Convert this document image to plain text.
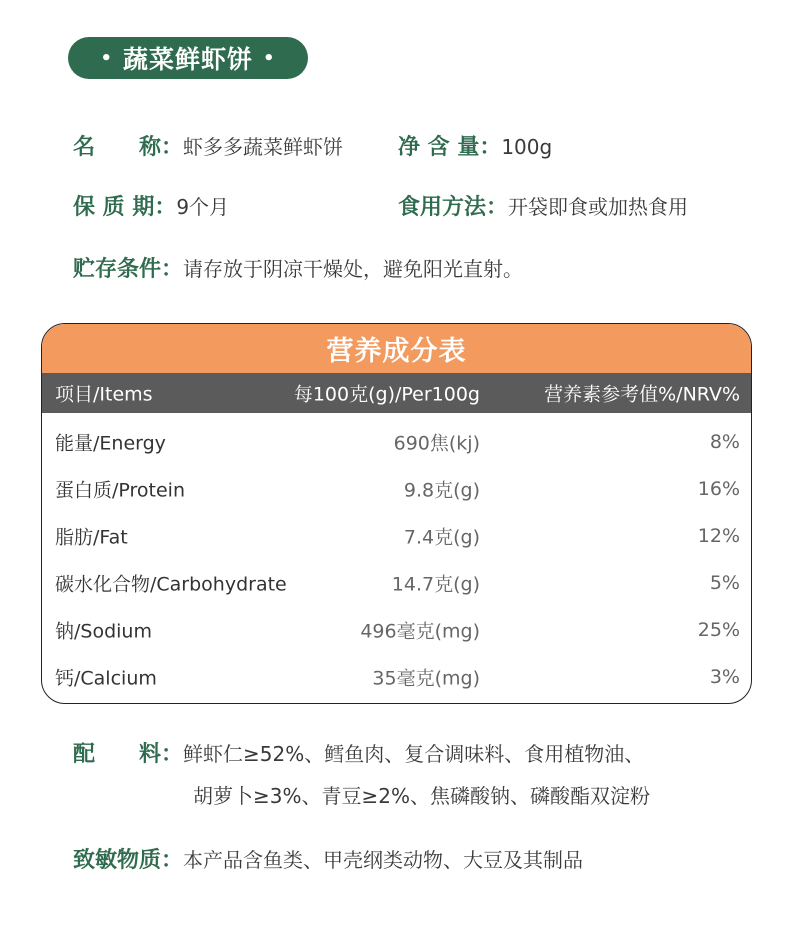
• 蔬菜鲜虾饼 •
名　　称：虾多多蔬菜鲜虾饼 净 含 量：100g
保 质 期：9个月	食用方法：开袋即食或加热食用
贮存条件：请存放于阴凉干燥处，避免阳光直射。
营养成分表
项目/Items	每100克(g)/Per100g	营养素参考值%/NRV%
能量/Energy	690焦(kj)	8%
蛋白质/Protein	9.8克(g)	16%
脂肪/Fat	7.4克(g)	12%
碳水化合物/Carbohydrate	14.7克(g)	5%
钠/Sodium	496毫克(mg)	25%
钙/Calcium	35毫克(mg)	3%
配　　料：鲜虾仁≥52%、鳕鱼肉、复合调味料、食用植物油、
胡萝卜≥3%、青豆≥2%、焦磷酸钠、磷酸酯双淀粉
致敏物质：本产品含鱼类、甲壳纲类动物、大豆及其制品
